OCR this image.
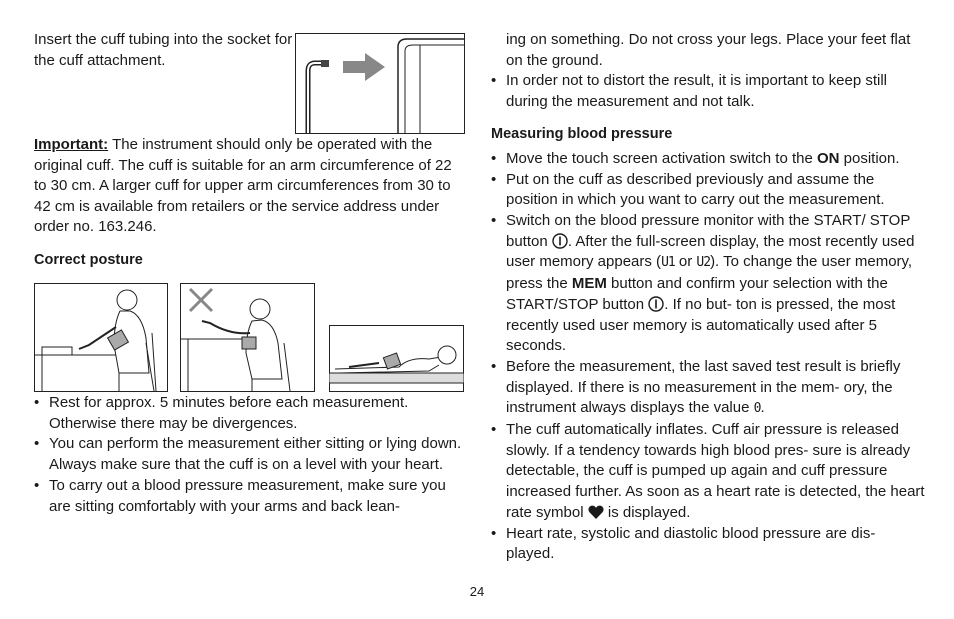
Insert the cuff tubing into the socket for the cuff attachment.

Important: The instrument should only be operated with the original cuff. The cuff is suitable for an arm circumference of 22 to 30 cm. A larger cuff for upper arm circumferences from 30 to 42 cm is available from retailers or the service address under order no. 163.246.

Correct posture

• Rest for approx. 5 minutes before each measurement. Otherwise there may be divergences.
• You can perform the measurement either sitting or lying down. Always make sure that the cuff is on a level with your heart.
• To carry out a blood pressure measurement, make sure you are sitting comfortably with your arms and back lean-

ing on something. Do not cross your legs. Place your feet flat on the ground.

• In order not to distort the result, it is important to keep still during the measurement and not talk.

Measuring blood pressure

• Move the touch screen activation switch to the ON position.
• Put on the cuff as described previously and assume the position in which you want to carry out the measurement.
• Switch on the blood pressure monitor with the START/ STOP button . After the full-screen display, the most recently used user memory appears (U1 or U2). To change the user memory, press the MEM button and confirm your selection with the START/STOP button . If no but- ton is pressed, the most recently used user memory is automatically used after 5 seconds.
• Before the measurement, the last saved test result is briefly displayed. If there is no measurement in the mem- ory, the instrument always displays the value 0.
• The cuff automatically inflates. Cuff air pressure is released slowly. If a tendency towards high blood pres- sure is already detectable, the cuff is pumped up again and cuff pressure increased further. As soon as a heart rate is detected, the heart rate symbol  is displayed.
• Heart rate, systolic and diastolic blood pressure are dis- played.
24
